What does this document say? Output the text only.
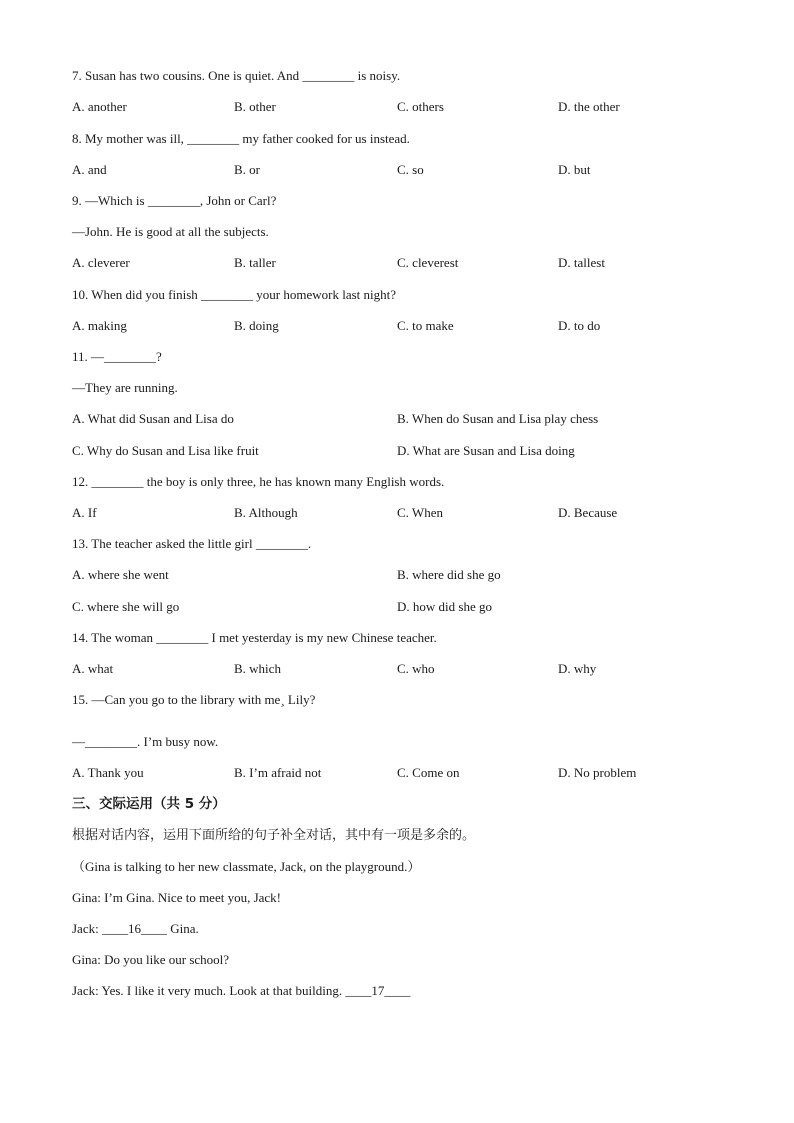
7. Susan has two cousins. One is quiet. And ________ is noisy.
A. another	B. other	C. others	D. the other
8. My mother was ill, ________ my father cooked for us instead.
A. and	B. or	C. so	D. but
9. —Which is ________, John or Carl?
—John. He is good at all the subjects.
A. cleverer	B. taller	C. cleverest	D. tallest
10. When did you finish ________ your homework last night?
A. making	B. doing	C. to make	D. to do
11. —________?
—They are running.
A. What did Susan and Lisa do	B. When do Susan and Lisa play chess
C. Why do Susan and Lisa like fruit	D. What are Susan and Lisa doing
12. ________ the boy is only three, he has known many English words.
A. If	B. Although	C. When	D. Because
13. The teacher asked the little girl ________.
A. where she went	B. where did she go
C. where she will go	D. how did she go
14. The woman ________ I met yesterday is my new Chinese teacher.
A. what	B. which	C. who	D. why
15. —Can you go to the library with me¸ Lily?
—________. I’m busy now.
A. Thank you	B. I’m afraid not	C. Come on	D. No problem
三、交际运用（共 5 分）
根据对话内容，运用下面所给的句子补全对话，其中有一项是多余的。
（Gina is talking to her new classmate, Jack, on the playground.）
Gina: I’m Gina. Nice to meet you, Jack!
Jack: ____16____ Gina.
Gina: Do you like our school?
Jack: Yes. I like it very much. Look at that building. ____17____
